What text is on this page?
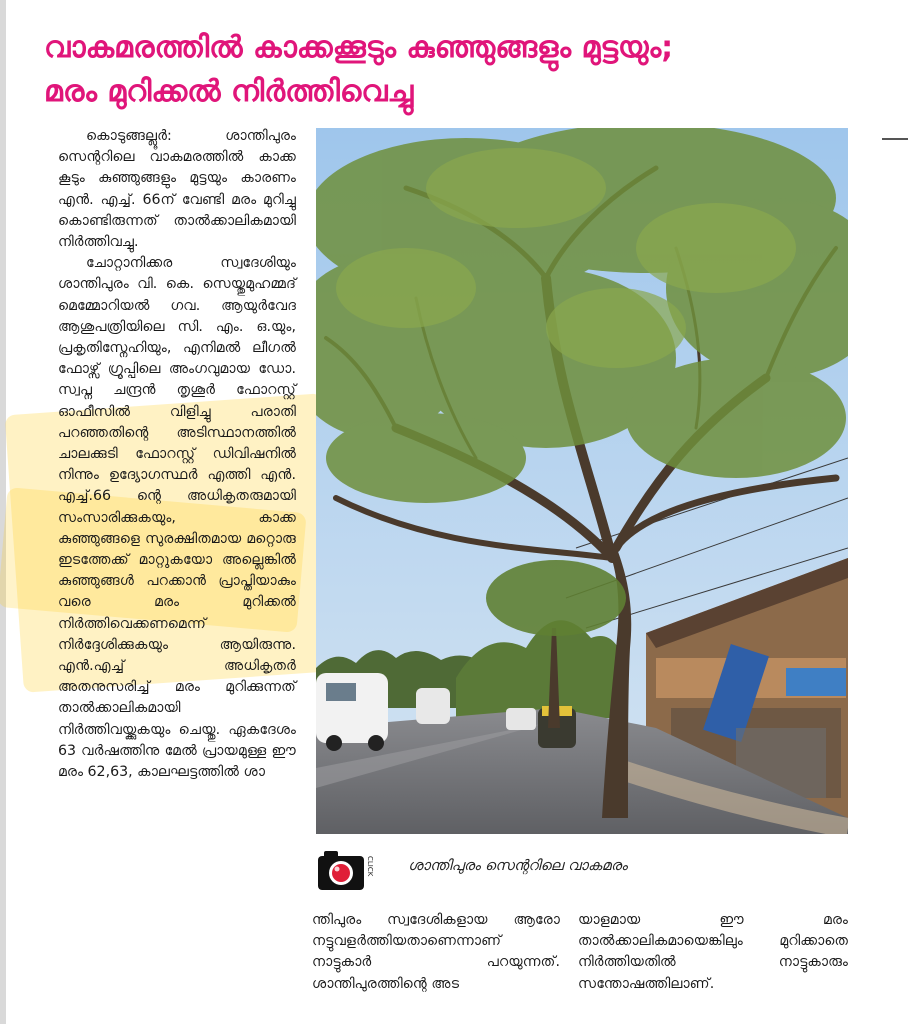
വാകമരത്തിൽ കാക്കക്കൂടും കുഞ്ഞുങ്ങളും മുട്ടയും;
മരം മുറിക്കൽ നിർത്തിവെച്ചു

കൊടുങ്ങല്ലൂർ: ശാന്തിപുരം സെന്ററിലെ വാകമരത്തിൽ കാക്ക കൂടും കുഞ്ഞുങ്ങളും മുട്ടയും കാരണം എൻ. എച്ച്. 66ന് വേണ്ടി മരം മുറിച്ചു കൊണ്ടിരുന്നത് താൽക്കാലികമായി നിർത്തിവച്ചു.

ചോറ്റാനിക്കര സ്വദേശിയും ശാന്തിപുരം വി. കെ. സെയ്തുമുഹമ്മദ് മെമ്മോറിയൽ ഗവ. ആയുർവേദ ആശുപത്രിയിലെ സി. എം. ഒ.യും, പ്രകൃതിസ്നേഹിയും, എനിമൽ ലീഗൽ ഫോഴ്സ് ഗ്രൂപ്പിലെ അംഗവുമായ ഡോ. സ്വപ്ന ചന്ദ്രൻ തൃശൂർ ഫോറസ്റ്റ് ഓഫീസിൽ വിളിച്ചു പരാതി പറഞ്ഞതിന്റെ അടിസ്ഥാനത്തിൽ ചാലക്കുടി ഫോറസ്റ്റ് ഡിവിഷനിൽ നിന്നും ഉദ്യോഗസ്ഥർ എത്തി എൻ. എച്ച്.66 ന്റെ അധികൃതരുമായി സംസാരിക്കുകയും, കാക്ക കുഞ്ഞുങ്ങളെ സുരക്ഷിതമായ മറ്റൊരു ഇടത്തേക്ക് മാറ്റുകയോ അല്ലെങ്കിൽ കുഞ്ഞുങ്ങൾ പറക്കാൻ പ്രാപ്തിയാകും വരെ മരം മുറിക്കൽ നിർത്തിവെക്കണമെന്ന് നിർദ്ദേശിക്കുകയും ആയിരുന്നു. എൻ.എച്ച് അധികൃതർ അതനുസരിച്ച് മരം മുറിക്കുന്നത് താൽക്കാലികമായി നിർത്തിവയ്ക്കുകയും ചെയ്തു. ഏകദേശം 63 വർഷത്തിനു മേൽ പ്രായമുള്ള ഈ മരം 62,63, കാലഘട്ടത്തിൽ ശാ

CLICK ശാന്തിപുരം സെന്ററിലെ വാകമരം

ന്തിപുരം സ്വദേശികളായ ആരോ നട്ടുവളർത്തിയതാണെന്നാണ് നാട്ടുകാർ പറയുന്നത്. ശാന്തിപുരത്തിന്റെ അട

യാളമായ ഈ മരം താൽക്കാലികമായെങ്കിലും മുറിക്കാതെ നിർത്തിയതിൽ നാട്ടുകാരും സന്തോഷത്തിലാണ്.
